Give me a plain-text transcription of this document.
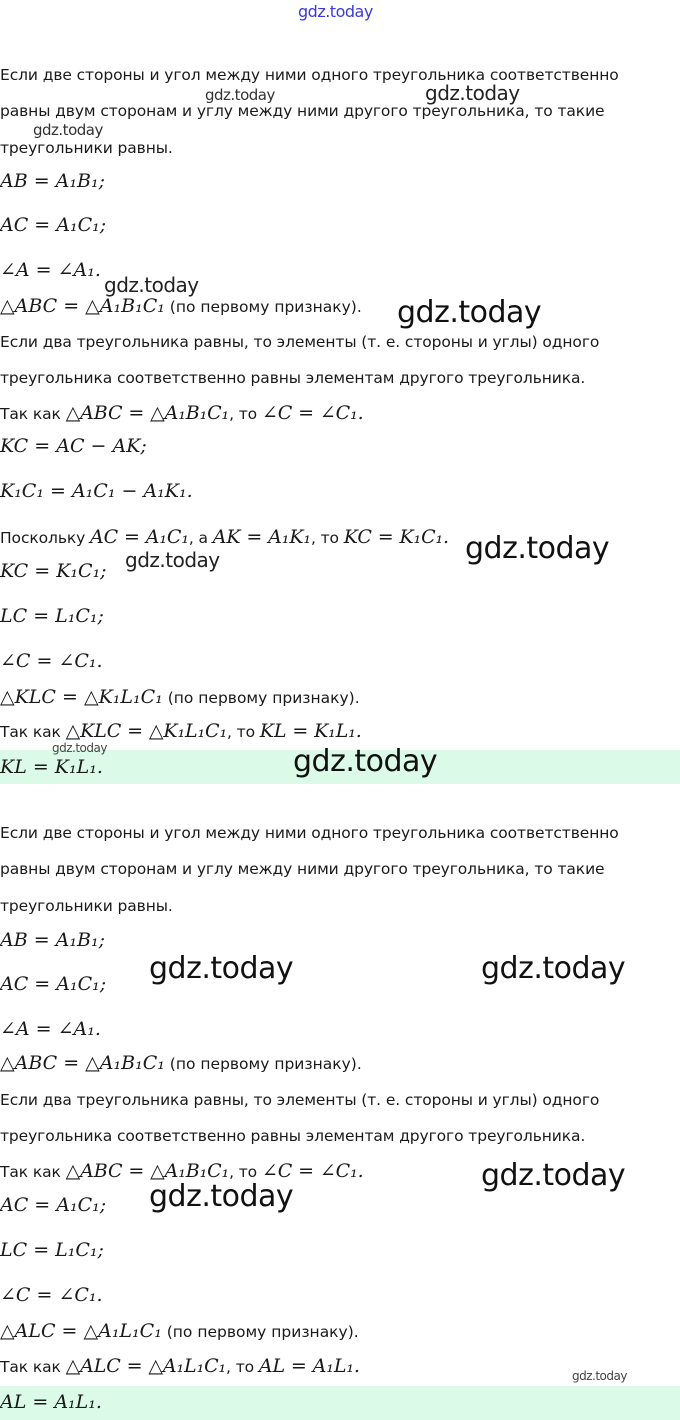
Если две стороны и угол между ними одного треугольника соответственно
равны двум сторонам и углу между ними другого треугольника, то такие
треугольники равны.
AB = A₁B₁;
AC = A₁C₁;
∠A = ∠A₁.
△ABC = △A₁B₁C₁ (по первому признаку).
Если два треугольника равны, то элементы (т. е. стороны и углы) одного
треугольника соответственно равны элементам другого треугольника.
Так как △ABC = △A₁B₁C₁, то ∠C = ∠C₁.
KC = AC − AK;
K₁C₁ = A₁C₁ − A₁K₁.
Поскольку AC = A₁C₁, а AK = A₁K₁, то KC = K₁C₁.
KC = K₁C₁;
LC = L₁C₁;
∠C = ∠C₁.
△KLC = △K₁L₁C₁ (по первому признаку).
Так как △KLC = △K₁L₁C₁, то KL = K₁L₁.
KL = K₁L₁.
Если две стороны и угол между ними одного треугольника соответственно
равны двум сторонам и углу между ними другого треугольника, то такие
треугольники равны.
AB = A₁B₁;
AC = A₁C₁;
∠A = ∠A₁.
△ABC = △A₁B₁C₁ (по первому признаку).
Если два треугольника равны, то элементы (т. е. стороны и углы) одного
треугольника соответственно равны элементам другого треугольника.
Так как △ABC = △A₁B₁C₁, то ∠C = ∠C₁.
AC = A₁C₁;
LC = L₁C₁;
∠C = ∠C₁.
△ALC = △A₁L₁C₁ (по первому признаку).
Так как △ALC = △A₁L₁C₁, то AL = A₁L₁.
AL = A₁L₁.
gdz.today
gdz.today	gdz.today
gdz.today
gdz.today
gdz.today
gdz.today
gdz.today
gdz.today	gdz.today
gdz.today	gdz.today
gdz.today
gdz.today
gdz.today
